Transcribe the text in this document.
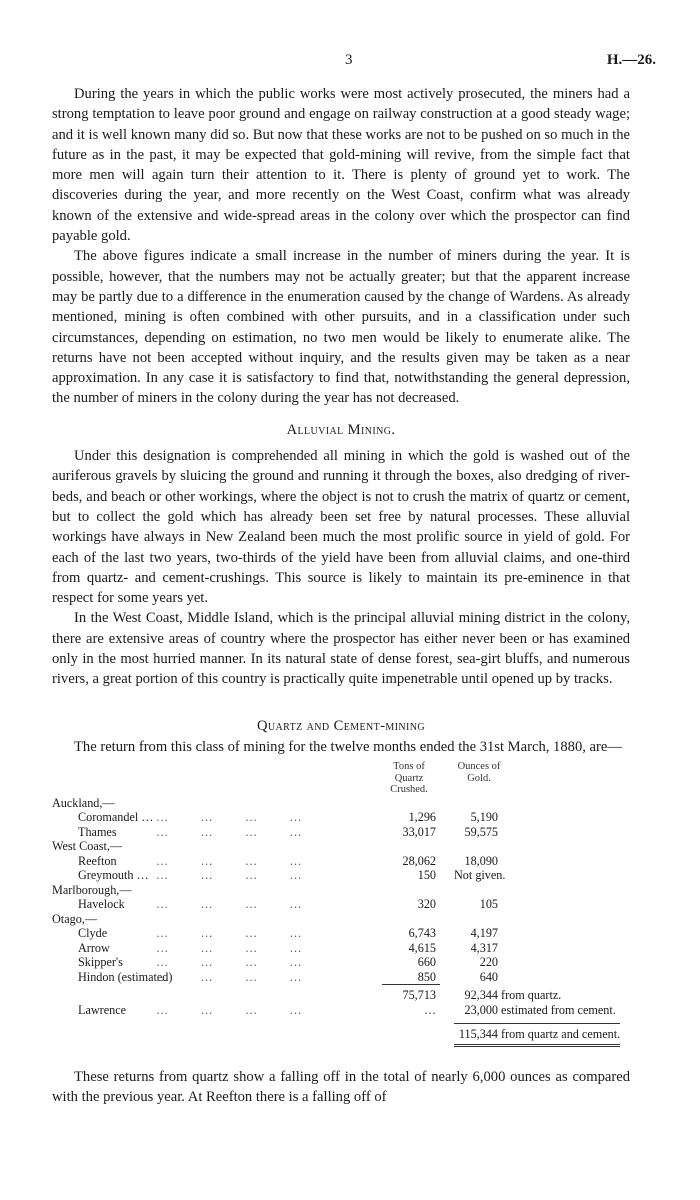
3	H.—26.

During the years in which the public works were most actively prosecuted, the miners had a strong temptation to leave poor ground and engage on railway construction at a good steady wage; and it is well known many did so. But now that these works are not to be pushed on so much in the future as in the past, it may be expected that gold-mining will revive, from the simple fact that more men will again turn their attention to it. There is plenty of ground yet to work. The discoveries during the year, and more recently on the West Coast, confirm what was already known of the extensive and wide-spread areas in the colony over which the prospector can find payable gold.

The above figures indicate a small increase in the number of miners during the year. It is possible, however, that the numbers may not be actually greater; but that the apparent increase may be partly due to a difference in the enumeration caused by the change of Wardens. As already mentioned, mining is often combined with other pursuits, and in a classification under such circumstances, depending on estimation, no two men would be likely to enumerate alike. The returns have not been accepted without inquiry, and the results given may be taken as a near approximation. In any case it is satisfactory to find that, notwithstanding the general depression, the number of miners in the colony during the year has not decreased.

Alluvial Mining.

Under this designation is comprehended all mining in which the gold is washed out of the auriferous gravels by sluicing the ground and running it through the boxes, also dredging of river-beds, and beach or other workings, where the object is not to crush the matrix of quartz or cement, but to collect the gold which has already been set free by natural processes. These alluvial workings have always in New Zealand been much the most prolific source in yield of gold. For each of the last two years, two-thirds of the yield have been from alluvial claims, and one-third from quartz- and cement-crushings. This source is likely to maintain its pre-eminence in that respect for some years yet.

In the West Coast, Middle Island, which is the principal alluvial mining district in the colony, there are extensive areas of country where the prospector has either never been or has examined only in the most hurried manner. In its natural state of dense forest, sea-girt bluffs, and numerous rivers, a great portion of this country is practically quite impenetrable until opened up by tracks.

Quartz and Cement-mining

The return from this class of mining for the twelve months ended the 31st March, 1880, are—

		Tons of Quartz Crushed.	Ounces of Gold.
Auckland,—			
Coromandel …	…      …      …      …	1,296	5,190
Thames	…      …      …      …	33,017	59,575
West Coast,—			
Reefton	…      …      …      …	28,062	18,090
Greymouth …	…      …      …      …	150	Not given.
Marlborough,—			
Havelock	…      …      …      …	320	105
Otago,—			
Clyde	…      …      …      …	6,743	4,197
Arrow	…      …      …      …	4,615	4,317
Skipper's	…      …      …      …	660	220
Hindon (estimated)	…      …      …      …	850	640
		75,713	92,344 from quartz.
Lawrence	…      …      …      …	…	23,000 estimated from cement.
			115,344 from quartz and cement.

These returns from quartz show a falling off in the total of nearly 6,000 ounces as compared with the previous year. At Reefton there is a falling off of
